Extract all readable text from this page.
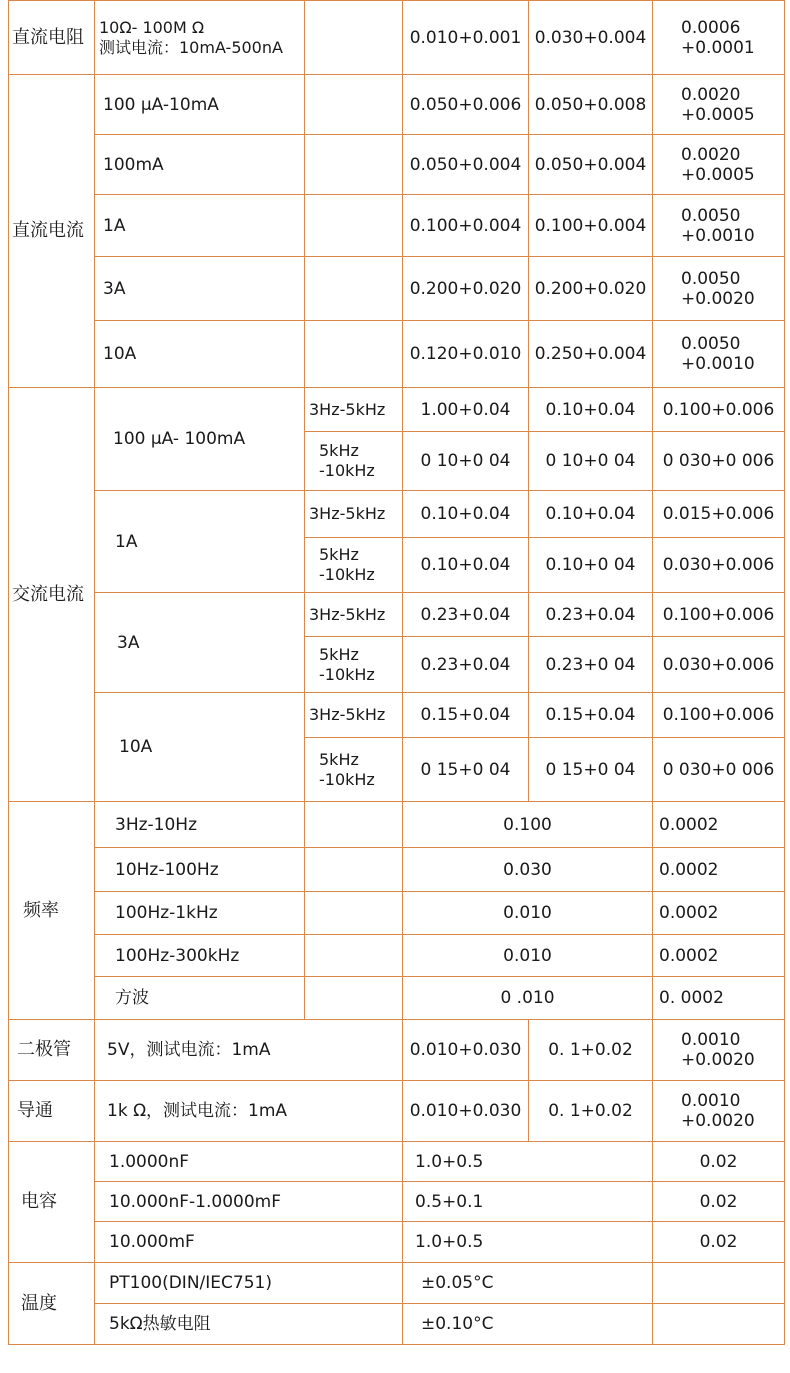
直流电阻	10Ω- 100M Ω
测试电流：10mA-500nA		0.010+0.001	0.030+0.004	0.0006
+0.0001

直流电流	100 μA-10mA		0.050+0.006	0.050+0.008	0.0020
+0.0005

	100mA		0.050+0.004	0.050+0.004	0.0020
+0.0005

	1A		0.100+0.004	0.100+0.004	0.0050
+0.0010

	3A		0.200+0.020	0.200+0.020	0.0050
+0.0020

	10A		0.120+0.010	0.250+0.004	0.0050
+0.0010

交流电流	100 μA- 100mA	3Hz-5kHz	1.00+0.04	0.10+0.04	0.100+0.006

		5kHz
-10kHz	0 10+0 04	0 10+0 04	0 030+0 006
	1A	3Hz-5kHz	0.10+0.04	0.10+0.04	0.015+0.006

		5kHz
-10kHz	0.10+0.04	0.10+0 04	0.030+0.006
	3A	3Hz-5kHz	0.23+0.04	0.23+0.04	0.100+0.006

		5kHz
-10kHz	0.23+0.04	0.23+0 04	0.030+0.006
	10A	3Hz-5kHz	0.15+0.04	0.15+0.04	0.100+0.006

		5kHz
-10kHz	0 15+0 04	0 15+0 04	0 030+0 006
频率	3Hz-10Hz		0.100		0.0002
	10Hz-100Hz		0.030		0.0002
	100Hz-1kHz		0.010		0.0002
	100Hz-300kHz		0.010		0.0002
	方波		0 .010		0. 0002
二极管	5V，测试电流：1mA		0.010+0.030	0. 1+0.02	0.0010
+0.0020

导通	1k Ω，测试电流：1mA		0.010+0.030	0. 1+0.02	0.0010
+0.0020

电容	1.0000nF		1.0+0.5		0.02
	10.000nF-1.0000mF		0.5+0.1		0.02
	10.000mF		1.0+0.5		0.02
温度	PT100(DIN/IEC751)		±0.05°C		
	5kΩ热敏电阻		±0.10°C		
